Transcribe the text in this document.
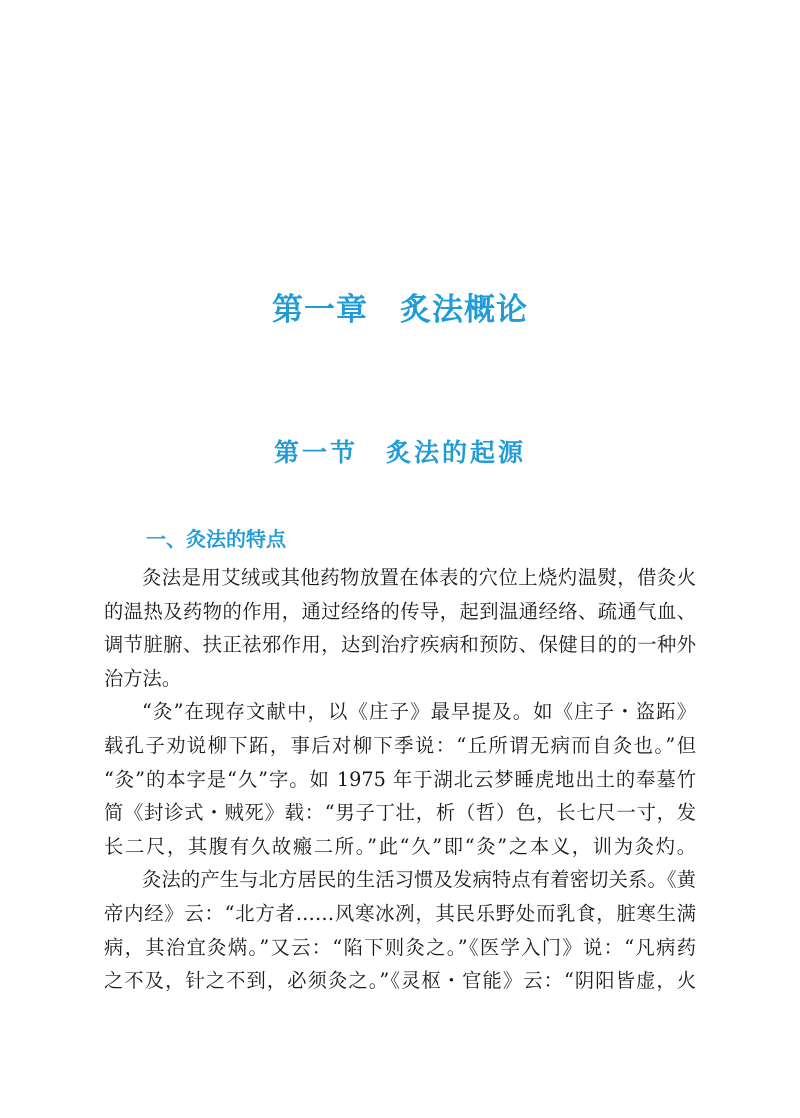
第一章　炙法概论
第一节　炙法的起源
一、灸法的特点
灸法是用艾绒或其他药物放置在体表的穴位上烧灼温熨，借灸火
的温热及药物的作用，通过经络的传导，起到温通经络、疏通气血、
调节脏腑、扶正祛邪作用，达到治疗疾病和预防、保健目的的一种外
治方法。
“灸”在现存文献中，以《庄子》最早提及。如《庄子・盗跖》
载孔子劝说柳下跖，事后对柳下季说：“丘所谓无病而自灸也。”但
“灸”的本字是“久”字。如 1975 年于湖北云梦睡虎地出土的奉墓竹
简《封诊式・贼死》载：“男子丁壮，析（哲）色，长七尺一寸，发
长二尺，其腹有久故瘢二所。”此“久”即“灸”之本义，训为灸灼。
灸法的产生与北方居民的生活习惯及发病特点有着密切关系。《黄
帝内经》云：“北方者……风寒冰冽，其民乐野处而乳食，脏寒生满
病，其治宜灸焫。”又云：“陷下则灸之。”《医学入门》说：“凡病药
之不及，针之不到，必须灸之。”《灵枢・官能》云：“阴阳皆虚，火
